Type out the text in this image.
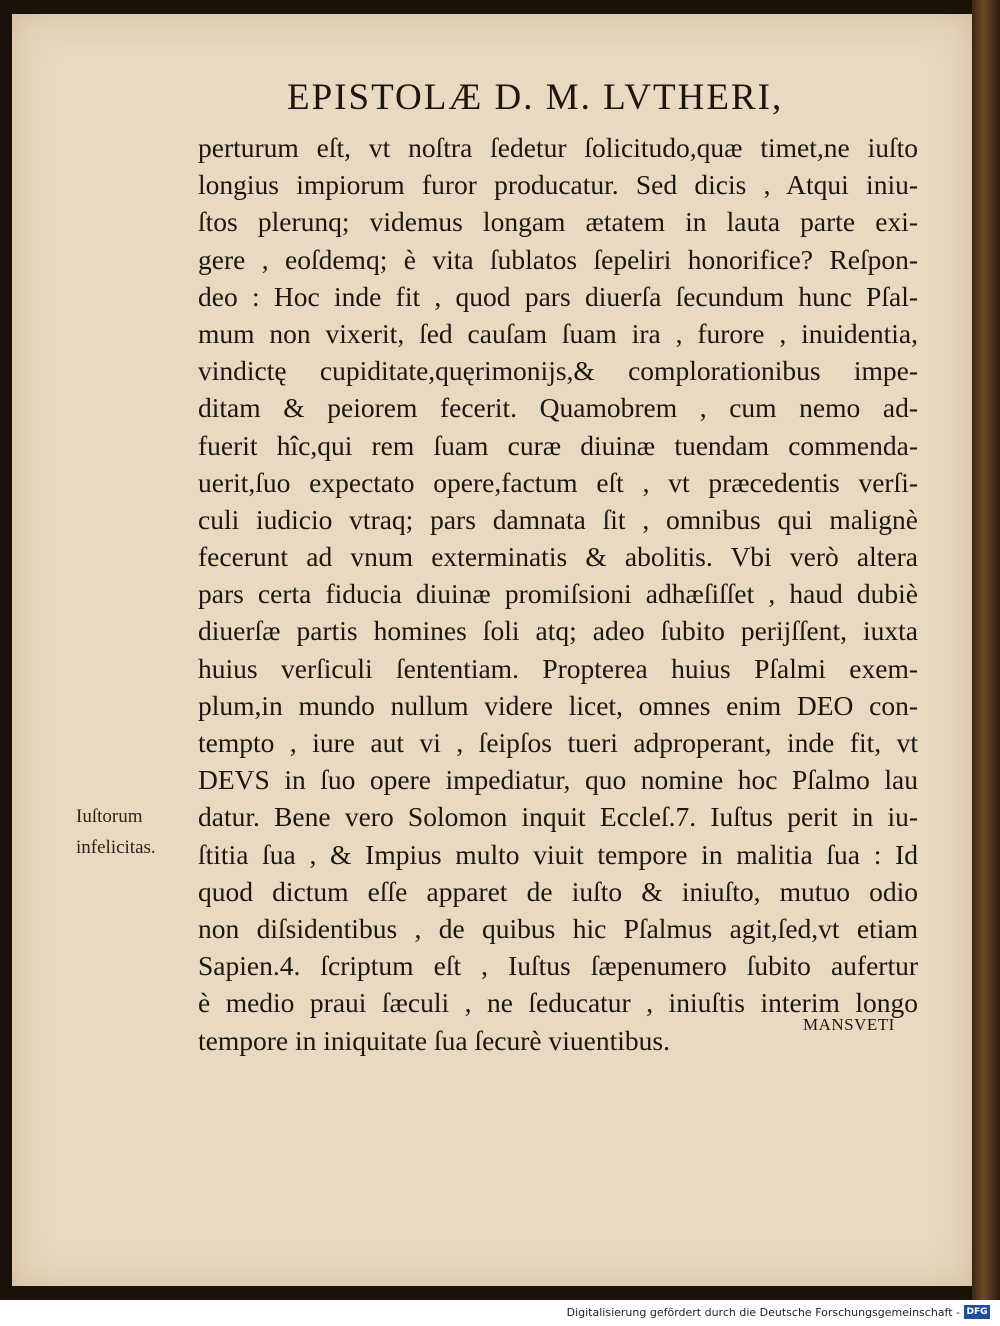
EPISTOLÆ D. M. LVTHERI,
perturum eſt, vt noſtra ſedetur ſolicitudo,quæ timet,ne iuſto
longius impiorum furor producatur. Sed dicis , Atqui iniu-
ſtos plerunq; videmus longam ætatem in lauta parte exi-
gere , eoſdemq; è vita ſublatos ſepeliri honorifice? Reſpon-
deo : Hoc inde fit , quod pars diuerſa ſecundum hunc Pſal-
mum non vixerit, ſed cauſam ſuam ira , furore , inuidentia,
vindictę cupiditate,quęrimonijs,& complorationibus impe-
ditam & peiorem fecerit. Quamobrem , cum nemo ad-
fuerit hîc,qui rem ſuam curæ diuinæ tuendam commenda-
uerit,ſuo expectato opere,factum eſt , vt præcedentis verſi-
culi iudicio vtraq; pars damnata ſit , omnibus qui malignè
fecerunt ad vnum exterminatis & abolitis. Vbi verò altera
pars certa fiducia diuinæ promiſsioni adhæſiſſet , haud dubiè
diuerſæ partis homines ſoli atq; adeo ſubito perijſſent, iuxta
huius verſiculi ſententiam. Propterea huius Pſalmi exem-
plum,in mundo nullum videre licet, omnes enim DEO con-
tempto , iure aut vi , ſeipſos tueri adproperant, inde fit, vt
DEVS in ſuo opere impediatur, quo nomine hoc Pſalmo lau
datur. Bene vero Solomon inquit Eccleſ.7. Iuſtus perit in iu-
ſtitia ſua , & Impius multo viuit tempore in malitia ſua : Id
quod dictum eſſe apparet de iuſto & iniuſto, mutuo odio
non diſsidentibus , de quibus hic Pſalmus agit,ſed,vt etiam
Sapien.4. ſcriptum eſt , Iuſtus ſæpenumero ſubito aufertur
è medio praui ſæculi , ne ſeducatur , iniuſtis interim longo
tempore in iniquitate ſua ſecurè viuentibus.
Iuſtorum
infelicitas.
MANSVETI
Digitalisierung gefördert durch die Deutsche Forschungsgemeinschaft - DFG
